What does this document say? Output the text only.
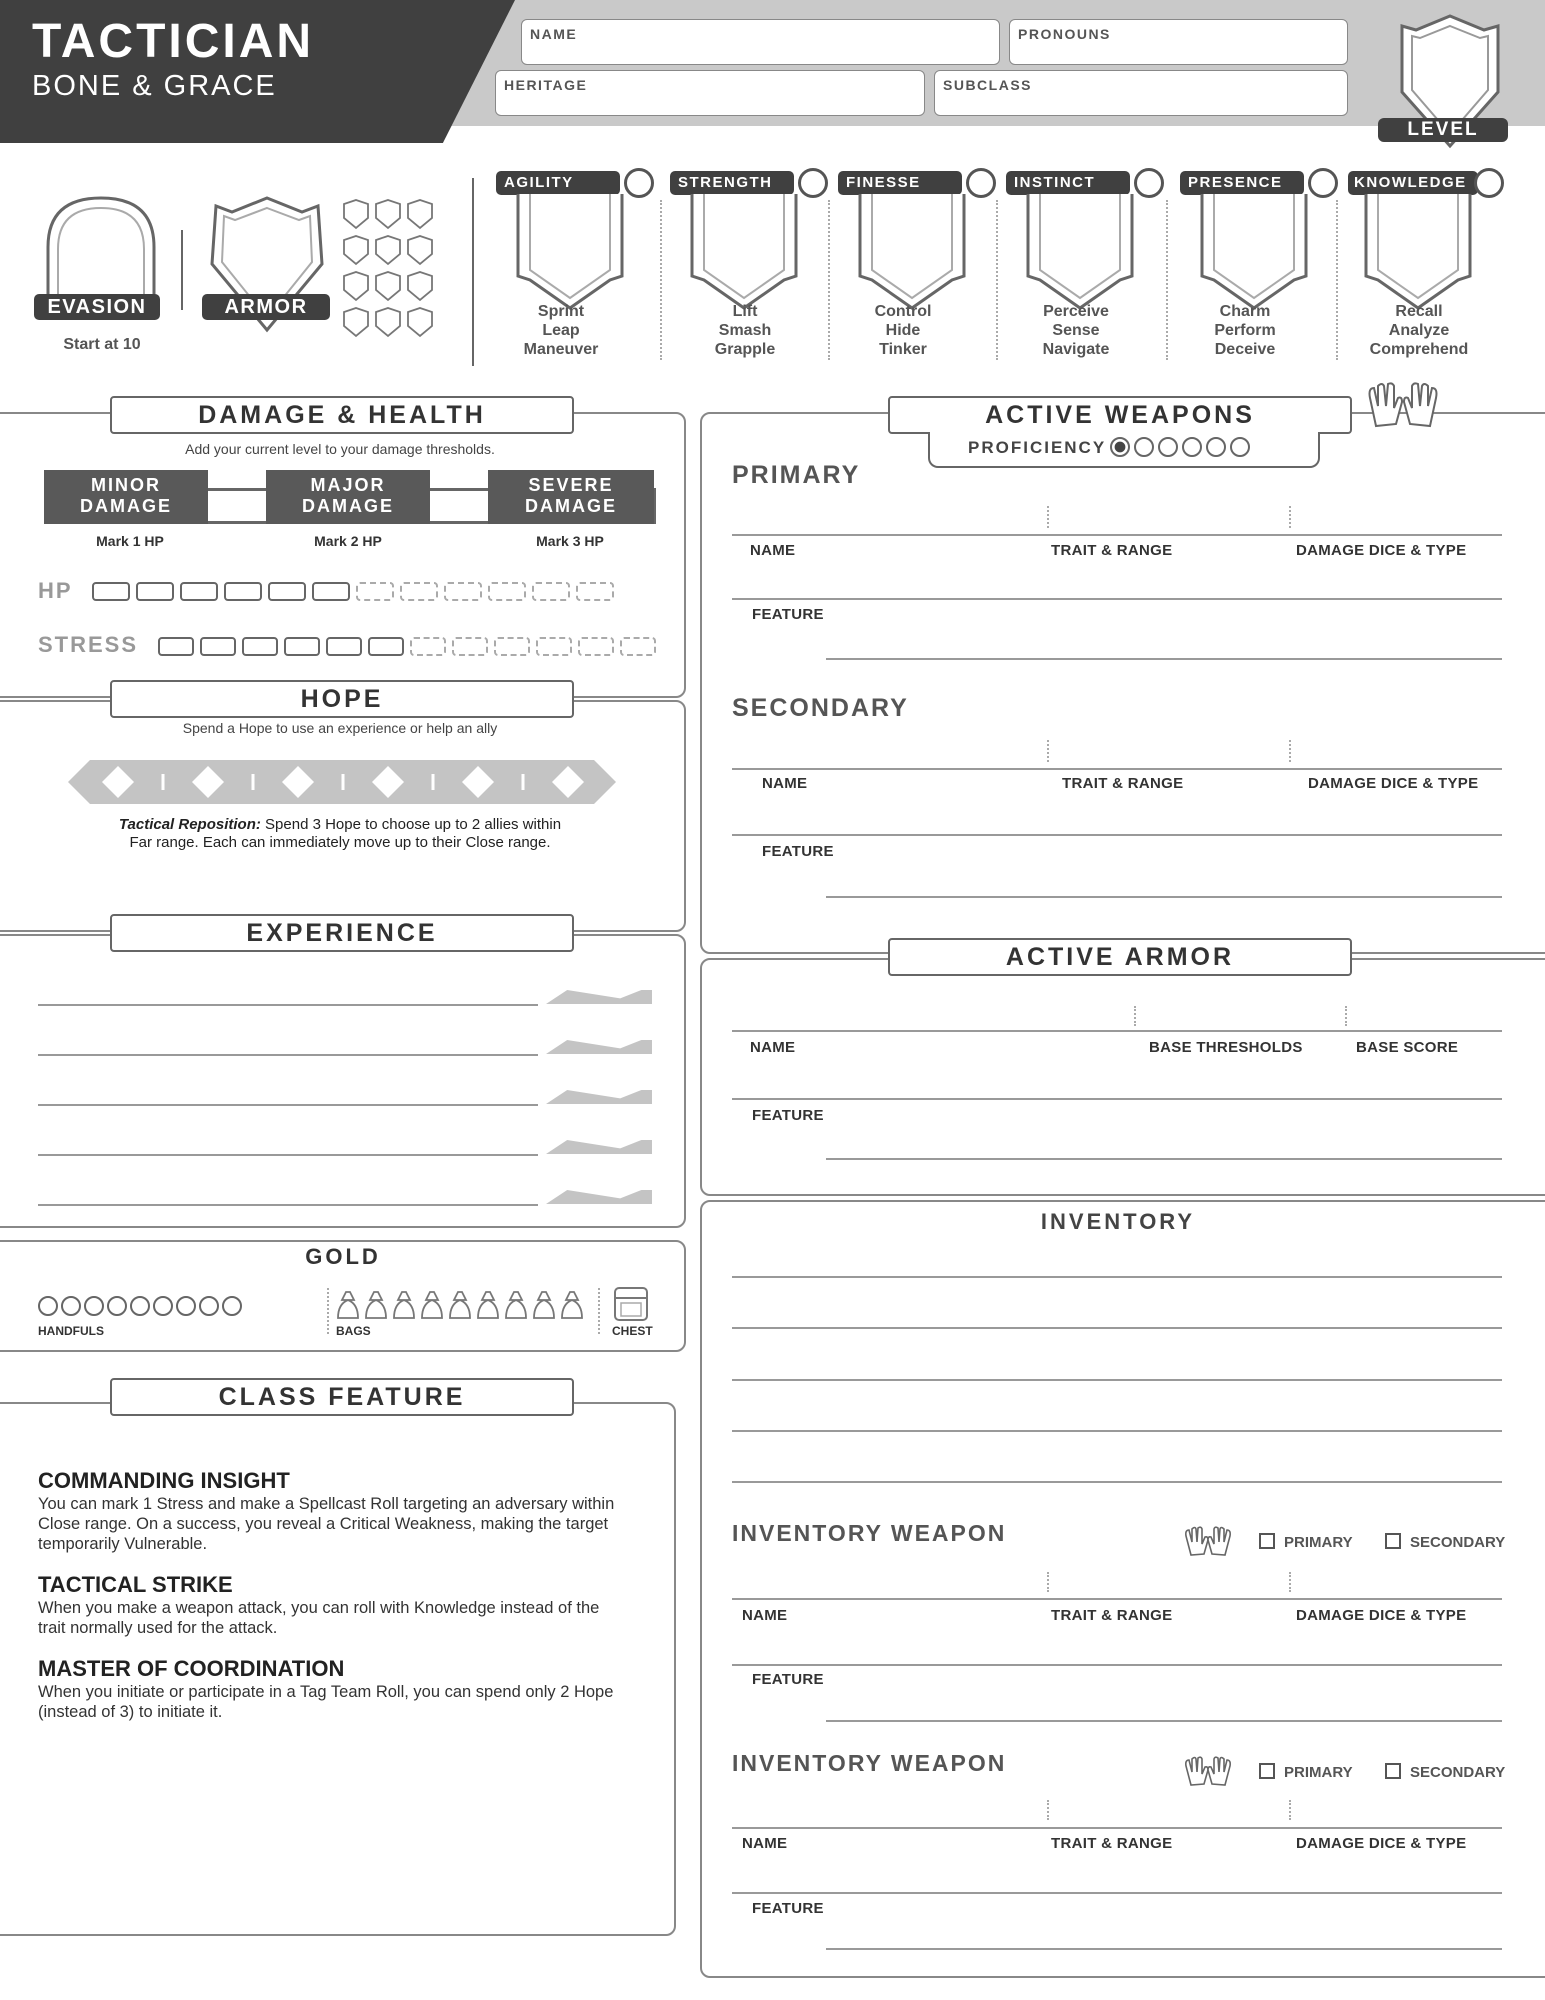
TACTICIAN
BONE & GRACE
NAME	PRONOUNS
HERITAGE	SUBCLASS
LEVEL
EVASION
Start at 10
ARMOR
AGILITY
Sprint
Leap
Maneuver
STRENGTH
Lift
Smash
Grapple
FINESSE
Control
Hide
Tinker
INSTINCT
Perceive
Sense
Navigate
PRESENCE
Charm
Perform
Deceive
KNOWLEDGE
Recall
Analyze
Comprehend
DAMAGE & HEALTH
Add your current level to your damage thresholds.
MINOR
DAMAGE
MAJOR
DAMAGE
SEVERE
DAMAGE
Mark 1 HP	Mark 2 HP	Mark 3 HP
HP
STRESS
HOPE
Spend a Hope to use an experience or help an ally
Tactical Reposition: Spend 3 Hope to choose up to 2 allies within
Far range. Each can immediately move up to their Close range.
EXPERIENCE
GOLD
HANDFULS	BAGS	CHEST
CLASS FEATURE
COMMANDING INSIGHT
You can mark 1 Stress and make a Spellcast Roll targeting an adversary within Close range. On a success, you reveal a Critical Weakness, making the target temporarily Vulnerable.
TACTICAL STRIKE
When you make a weapon attack, you can roll with Knowledge instead of the trait normally used for the attack.
MASTER OF COORDINATION
When you initiate or participate in a Tag Team Roll, you can spend only 2 Hope (instead of 3) to initiate it.
ACTIVE WEAPONS
PROFICIENCY
PRIMARY
NAME	TRAIT & RANGE	DAMAGE DICE & TYPE
FEATURE
SECONDARY
NAME	TRAIT & RANGE	DAMAGE DICE & TYPE
FEATURE
ACTIVE ARMOR
NAME	BASE THRESHOLDS	BASE SCORE
FEATURE
INVENTORY
INVENTORY WEAPON	PRIMARY	SECONDARY
NAME	TRAIT & RANGE	DAMAGE DICE & TYPE
FEATURE
INVENTORY WEAPON	PRIMARY	SECONDARY
NAME	TRAIT & RANGE	DAMAGE DICE & TYPE
FEATURE
